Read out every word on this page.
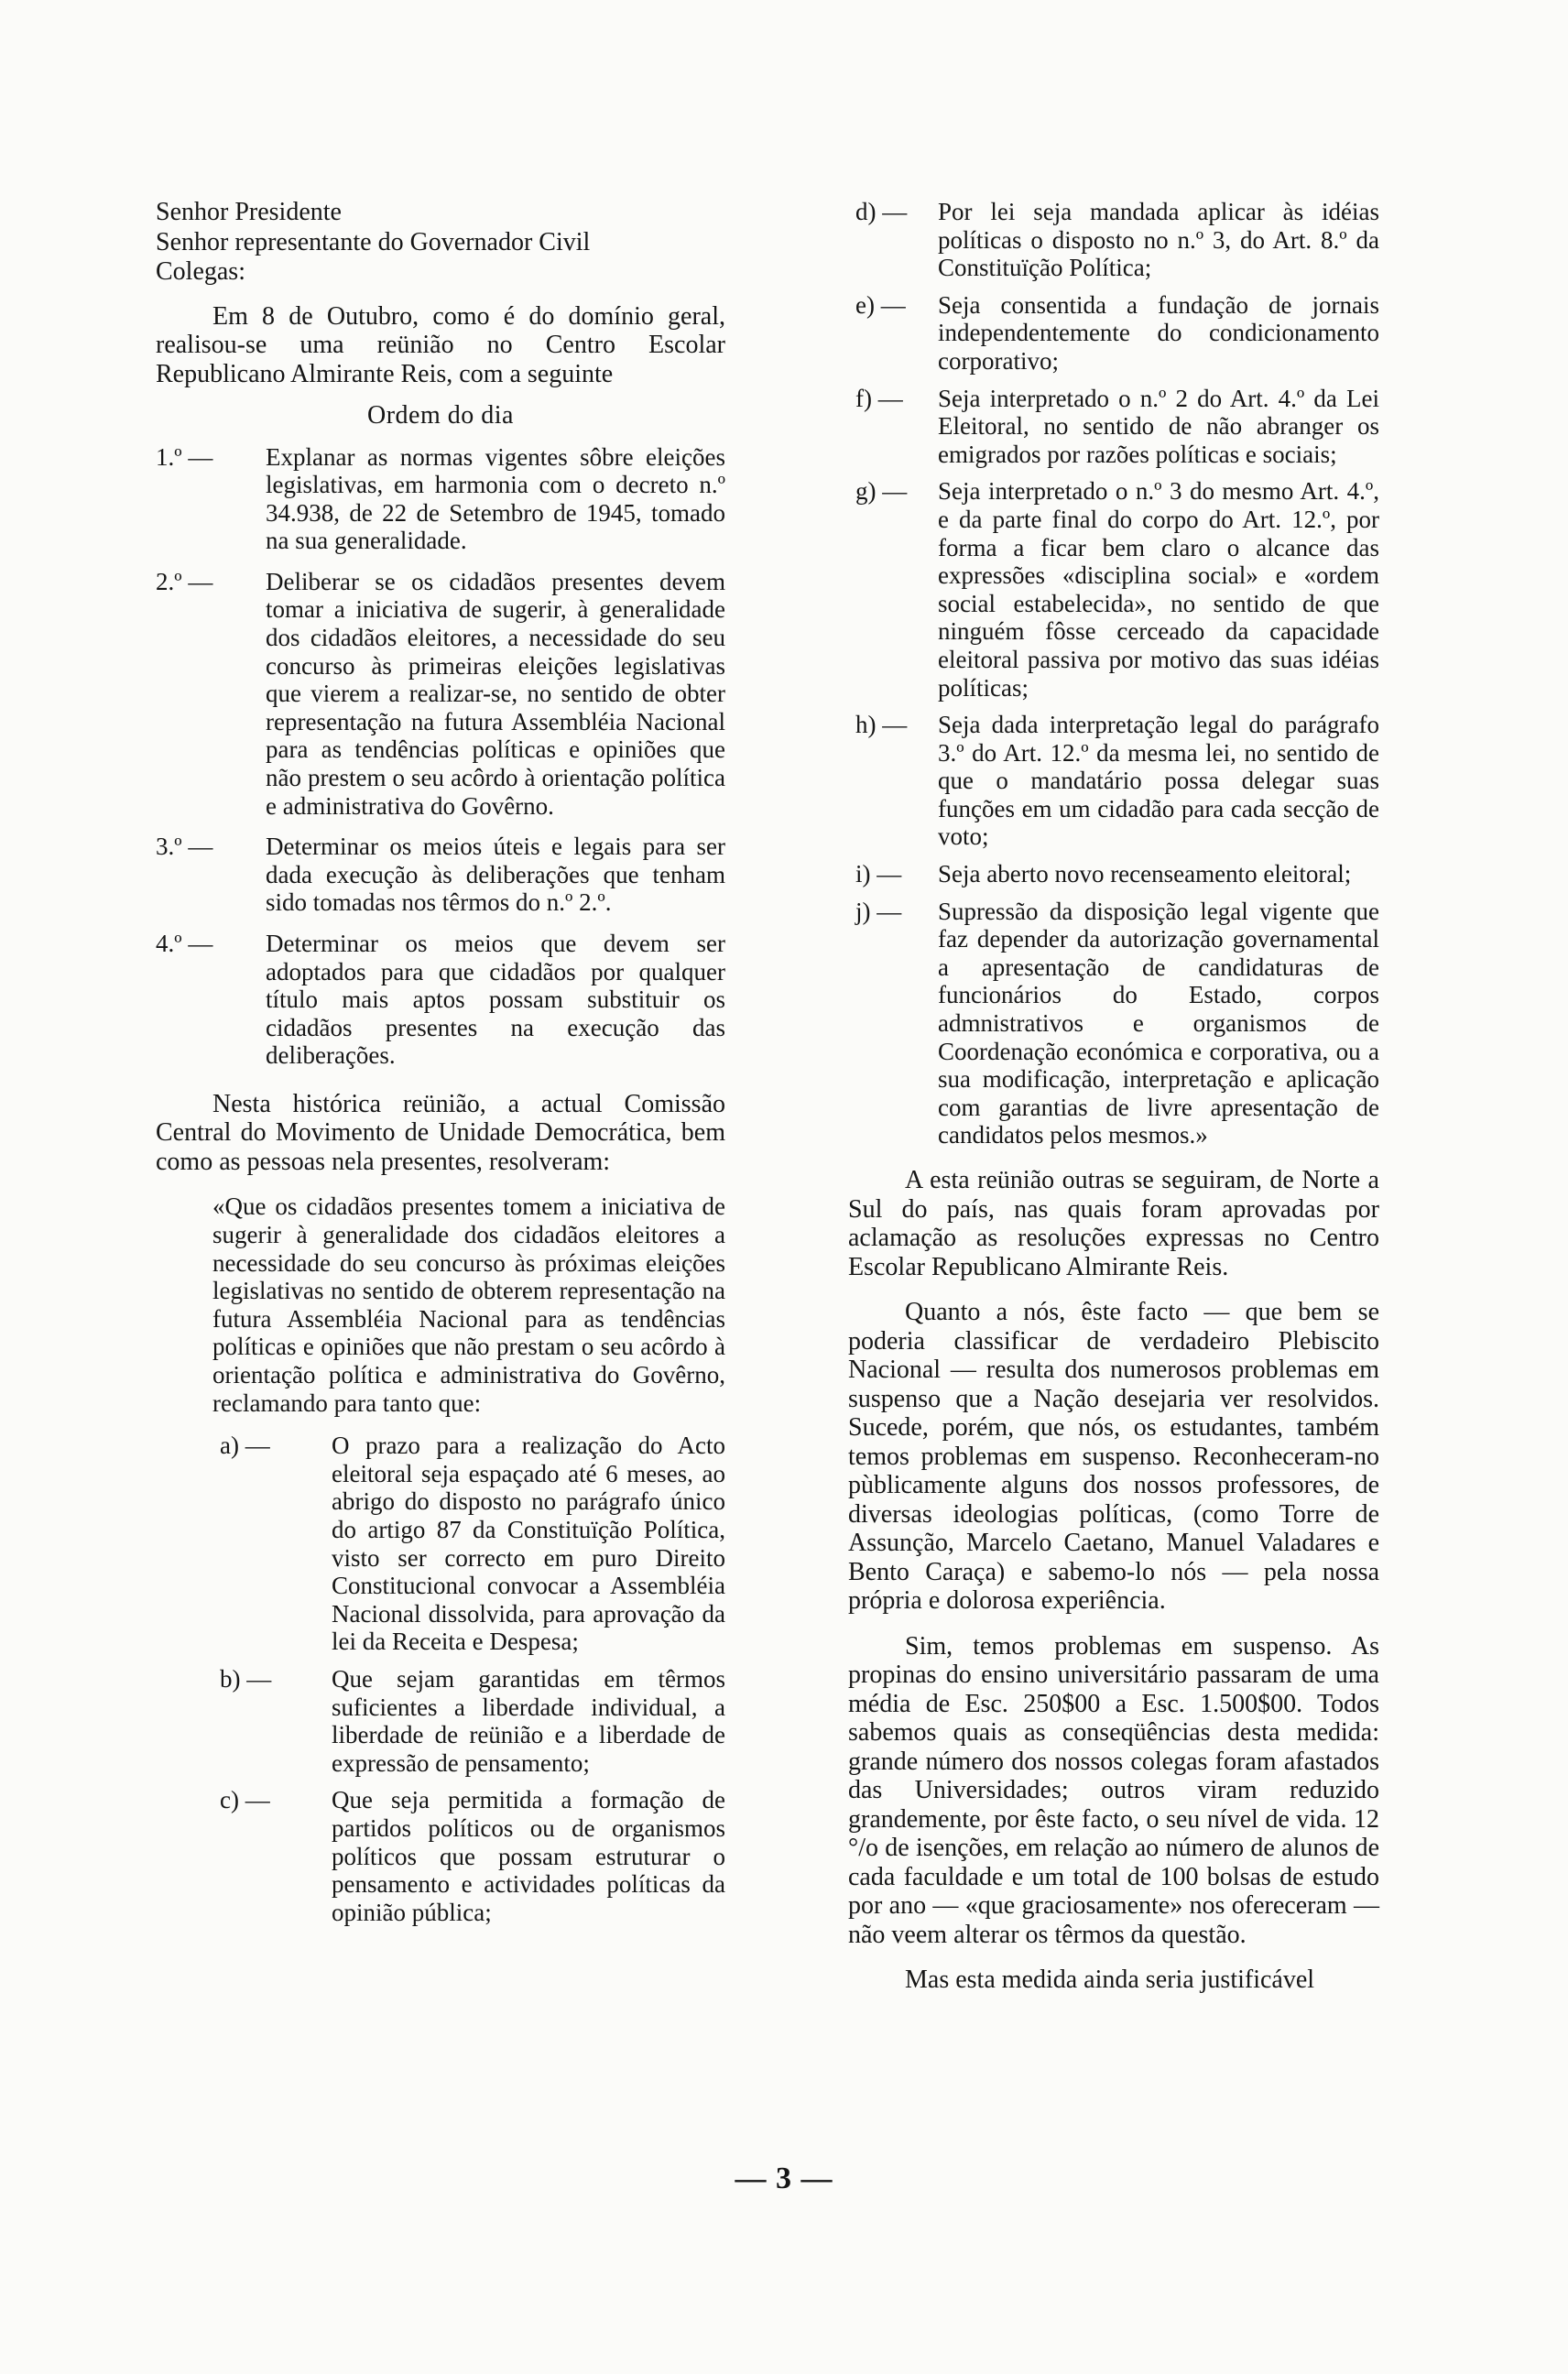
Senhor Presidente
Senhor representante do Governador Civil
Colegas:

Em 8 de Outubro, como é do domínio geral, realisou-se uma reünião no Centro Escolar Republicano Almirante Reis, com a seguinte

Ordem do dia
1.º — Explanar as normas vigentes sôbre eleições legislativas, em harmonia com o decreto n.º 34.938, de 22 de Setembro de 1945, tomado na sua generalidade.
2.º — Deliberar se os cidadãos presentes devem tomar a iniciativa de sugerir, à generalidade dos cidadãos eleitores, a necessidade do seu concurso às primeiras eleições legislativas que vierem a realizar-se, no sentido de obter representação na futura Assembléia Nacional para as tendências políticas e opiniões que não prestem o seu acôrdo à orientação política e administrativa do Govêrno.
3.º — Determinar os meios úteis e legais para ser dada execução às deliberações que tenham sido tomadas nos têrmos do n.º 2.º.
4.º — Determinar os meios que devem ser adoptados para que cidadãos por qualquer título mais aptos possam substituir os cidadãos presentes na execução das deliberações.

Nesta histórica reünião, a actual Comissão Central do Movimento de Unidade Democrática, bem como as pessoas nela presentes, resolveram:

«Que os cidadãos presentes tomem a iniciativa de sugerir à generalidade dos cidadãos eleitores a necessidade do seu concurso às próximas eleições legislativas no sentido de obterem representação na futura Assembléia Nacional para as tendências políticas e opiniões que não prestam o seu acôrdo à orientação política e administrativa do Govêrno, reclamando para tanto que:

a) — O prazo para a realização do Acto eleitoral seja espaçado até 6 meses, ao abrigo do disposto no parágrafo único do artigo 87 da Constituïção Política, visto ser correcto em puro Direito Constitucional convocar a Assembléia Nacional dissolvida, para aprovação da lei da Receita e Despesa;
b) — Que sejam garantidas em têrmos suficientes a liberdade individual, a liberdade de reünião e a liberdade de expressão de pensamento;
c) — Que seja permitida a formação de partidos políticos ou de organismos políticos que possam estruturar o pensamento e actividades políticas da opinião pública;
d) — Por lei seja mandada aplicar às idéias políticas o disposto no n.º 3, do Art. 8.º da Constituïção Política;
e) — Seja consentida a fundação de jornais independentemente do condicionamento corporativo;
f) — Seja interpretado o n.º 2 do Art. 4.º da Lei Eleitoral, no sentido de não abranger os emigrados por razões políticas e sociais;
g) — Seja interpretado o n.º 3 do mesmo Art. 4.º, e da parte final do corpo do Art. 12.º, por forma a ficar bem claro o alcance das expressões «disciplina social» e «ordem social estabelecida», no sentido de que ninguém fôsse cerceado da capacidade eleitoral passiva por motivo das suas idéias políticas;
h) — Seja dada interpretação legal do parágrafo 3.º do Art. 12.º da mesma lei, no sentido de que o mandatário possa delegar suas funções em um cidadão para cada secção de voto;
i) — Seja aberto novo recenseamento eleitoral;
j) — Supressão da disposição legal vigente que faz depender da autorização governamental a apresentação de candidaturas de funcionários do Estado, corpos admnistrativos e organismos de Coordenação económica e corporativa, ou a sua modificação, interpretação e aplicação com garantias de livre apresentação de candidatos pelos mesmos.»

A esta reünião outras se seguiram, de Norte a Sul do país, nas quais foram aprovadas por aclamação as resoluções expressas no Centro Escolar Republicano Almirante Reis.

Quanto a nós, êste facto — que bem se poderia classificar de verdadeiro Plebiscito Nacional — resulta dos numerosos problemas em suspenso que a Nação desejaria ver resolvidos. Sucede, porém, que nós, os estudantes, também temos problemas em suspenso. Reconheceram-no pùblicamente alguns dos nossos professores, de diversas ideologias políticas, (como Torre de Assunção, Marcelo Caetano, Manuel Valadares e Bento Caraça) e sabemo-lo nós — pela nossa própria e dolorosa experiência.

Sim, temos problemas em suspenso. As propinas do ensino universitário passaram de uma média de Esc. 250$00 a Esc. 1.500$00. Todos sabemos quais as conseqüências desta medida: grande número dos nossos colegas foram afastados das Universidades; outros viram reduzido grandemente, por êste facto, o seu nível de vida. 12 °/o de isenções, em relação ao número de alunos de cada faculdade e um total de 100 bolsas de estudo por ano — «que graciosamente» nos ofereceram — não veem alterar os têrmos da questão.

Mas esta medida ainda seria justificável

— 3 —
